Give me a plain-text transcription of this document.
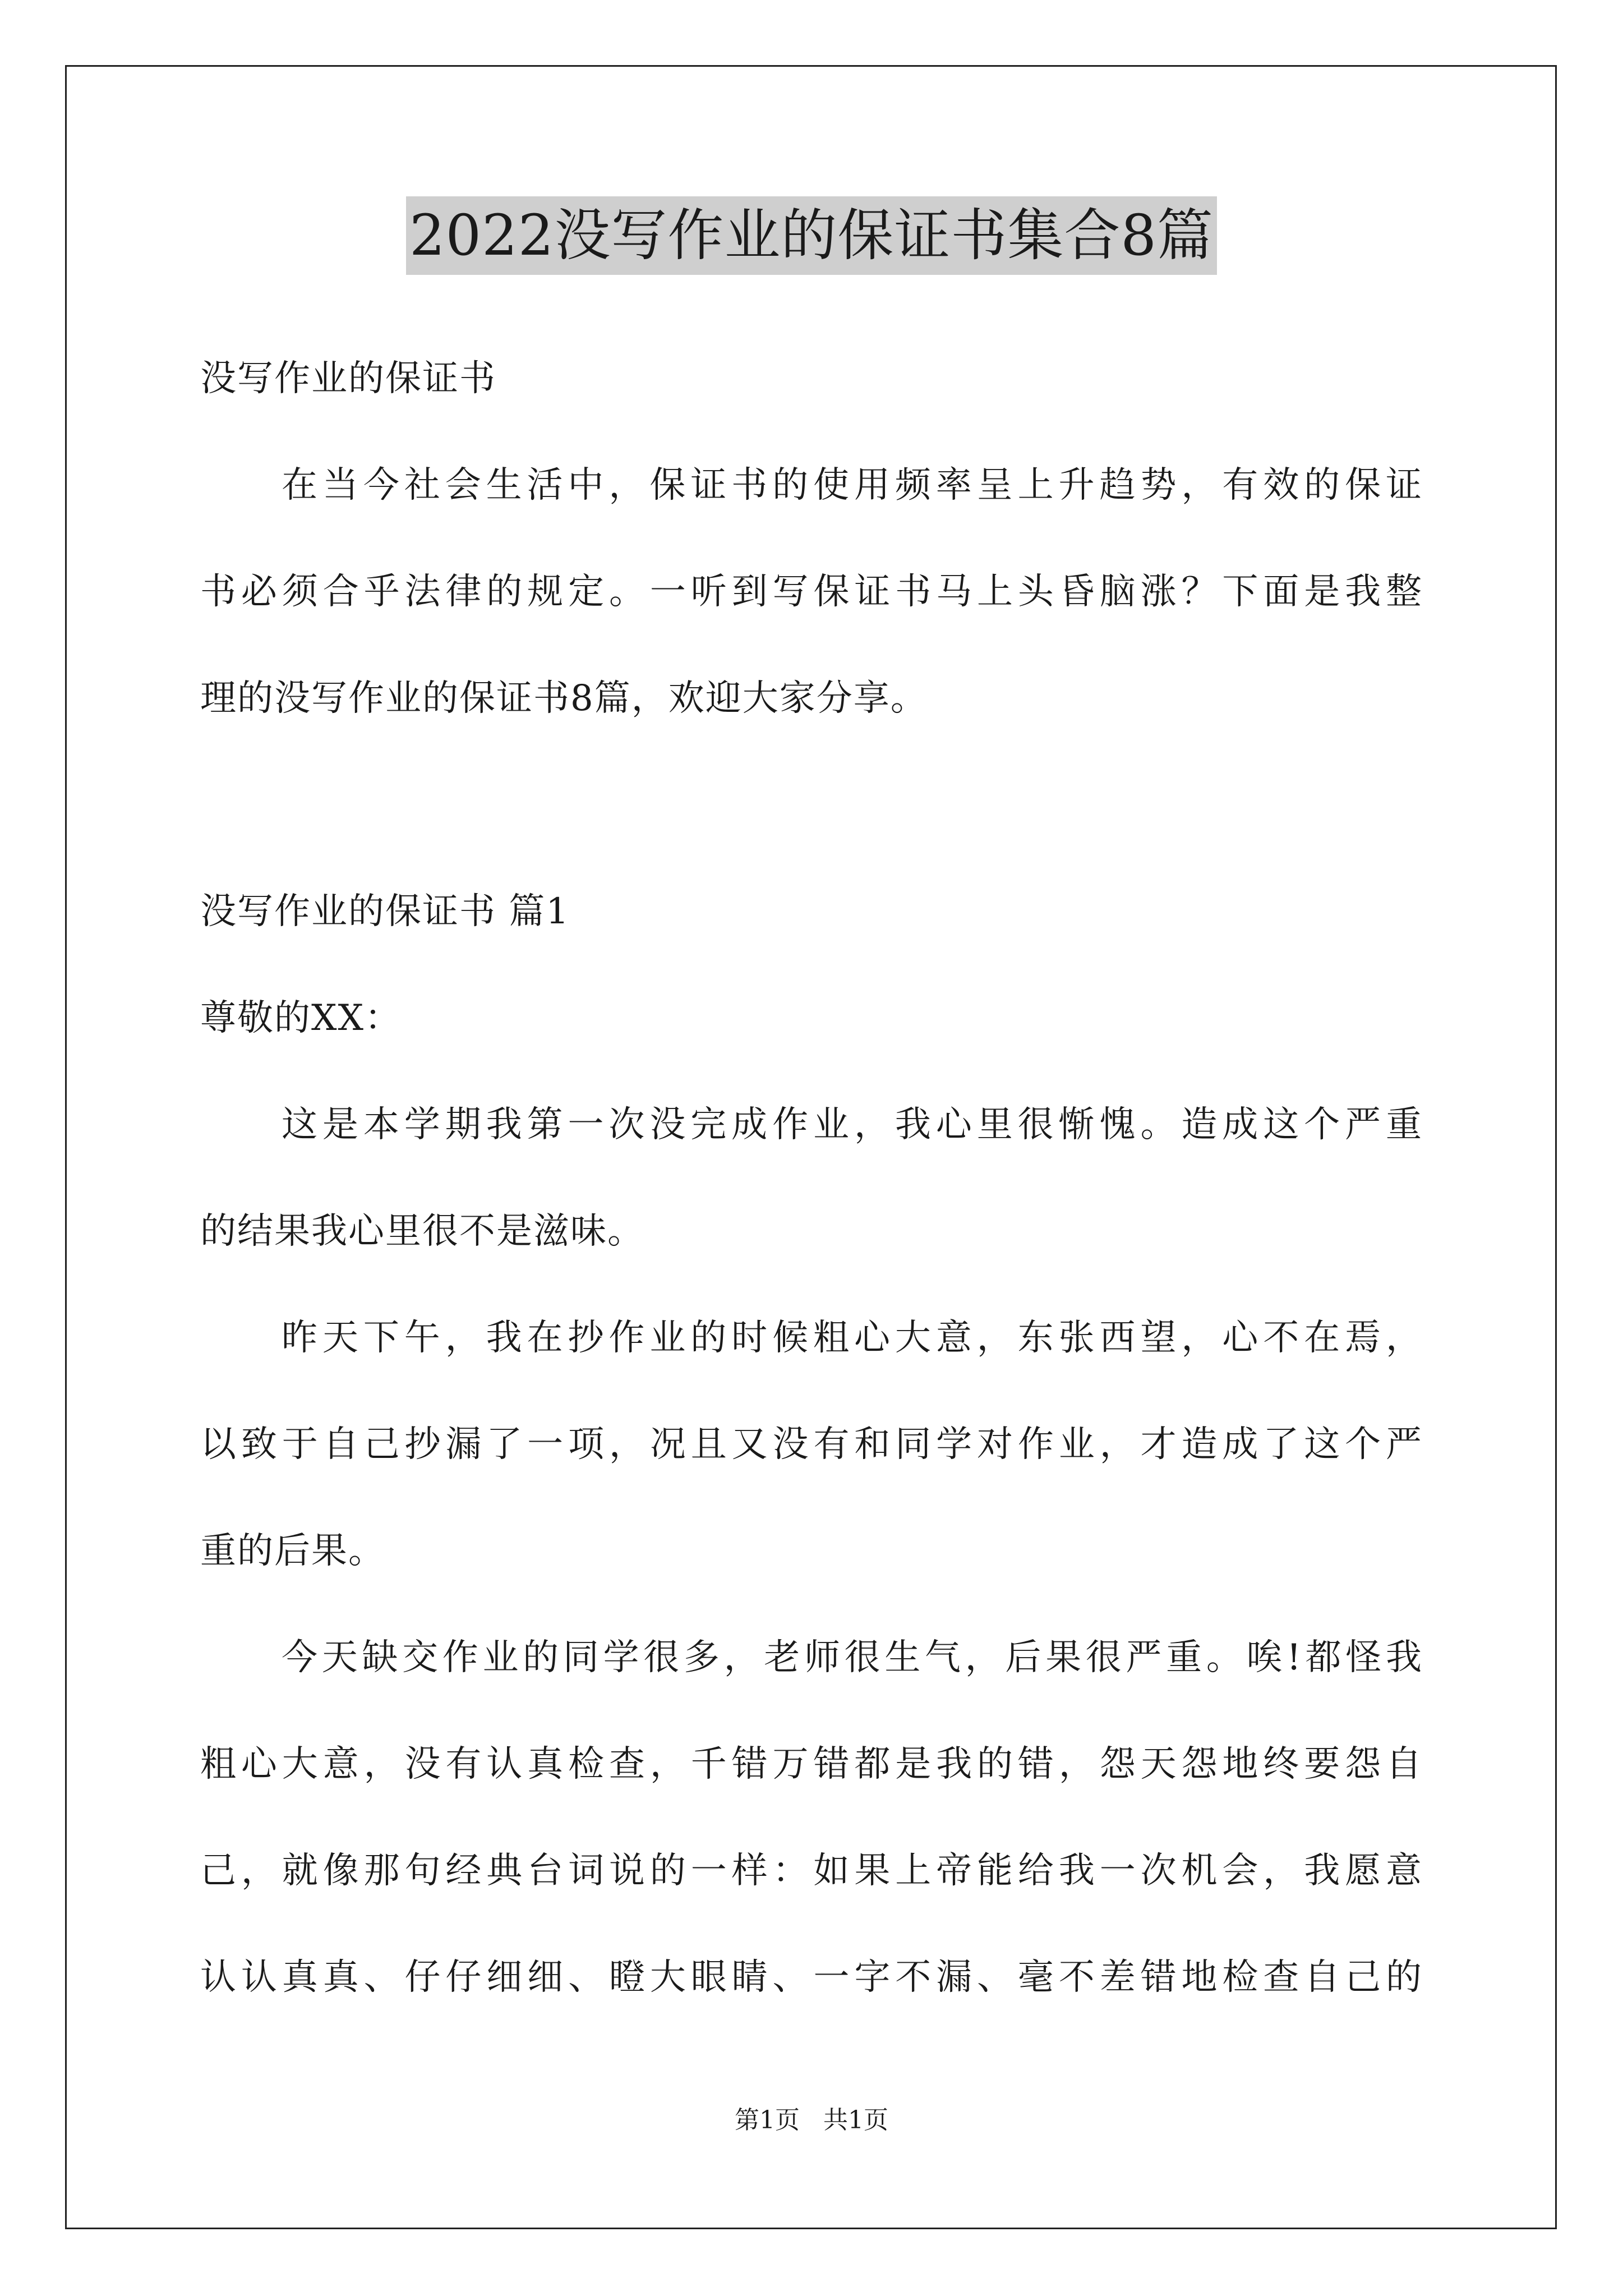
2022没写作业的保证书集合8篇
没写作业的保证书
在当今社会生活中，保证书的使用频率呈上升趋势，有效的保证
书必须合乎法律的规定。一听到写保证书马上头昏脑涨？下面是我整
理的没写作业的保证书8篇，欢迎大家分享。
没写作业的保证书 篇1
尊敬的XX：
这是本学期我第一次没完成作业，我心里很惭愧。造成这个严重
的结果我心里很不是滋味。
昨天下午，我在抄作业的时候粗心大意，东张西望，心不在焉，
以致于自己抄漏了一项，况且又没有和同学对作业，才造成了这个严
重的后果。
今天缺交作业的同学很多，老师很生气，后果很严重。唉!都怪我
粗心大意，没有认真检查，千错万错都是我的错，怨天怨地终要怨自
己，就像那句经典台词说的一样：如果上帝能给我一次机会，我愿意
认认真真、仔仔细细、瞪大眼睛、一字不漏、毫不差错地检查自己的
第1页   共1页
